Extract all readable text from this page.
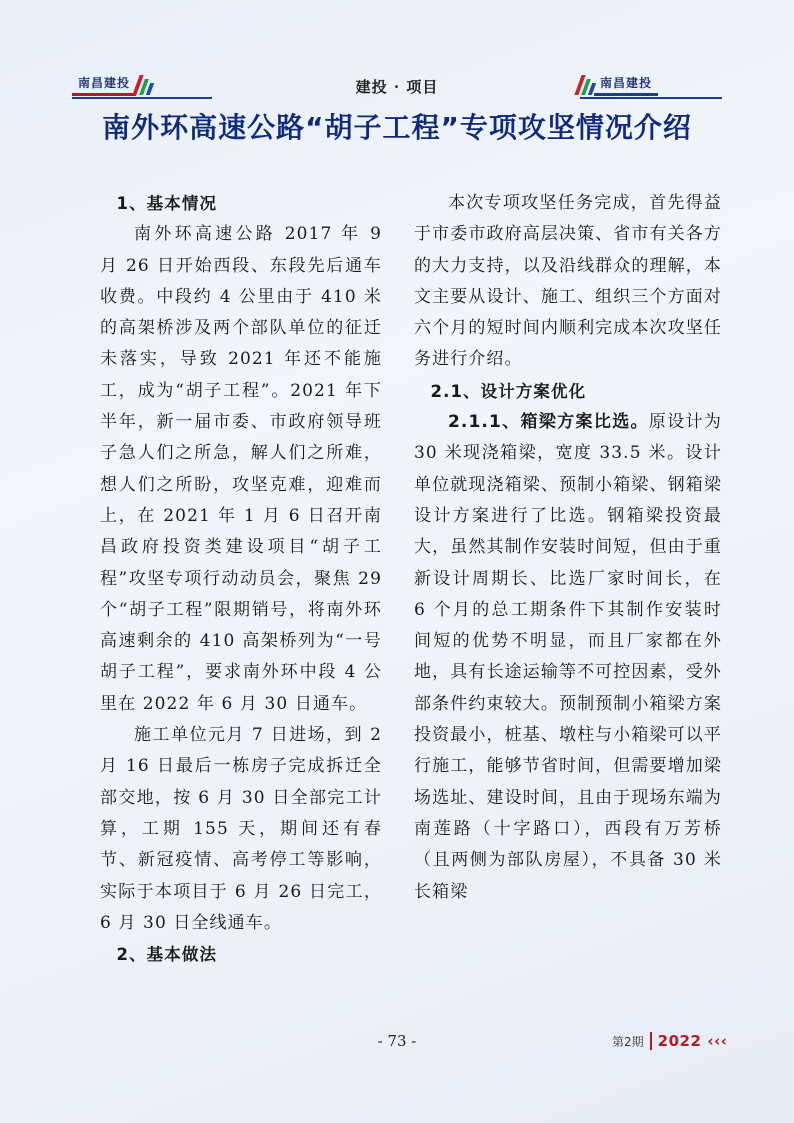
南昌建投	建投 · 项目	南昌建投
南外环高速公路“胡子工程”专项攻坚情况介绍

1、基本情况

南外环高速公路 2017 年 9 月 26 日开始西段、东段先后通车收费。中段约 4 公里由于 410 米的高架桥涉及两个部队单位的征迁未落实，导致 2021 年还不能施工，成为“胡子工程”。2021 年下半年，新一届市委、市政府领导班子急人们之所急，解人们之所难，想人们之所盼，攻坚克难，迎难而上，在 2021 年 1 月 6 日召开南昌政府投资类建设项目“胡子工程”攻坚专项行动动员会，聚焦 29 个“胡子工程”限期销号，将南外环高速剩余的 410 高架桥列为“一号胡子工程”，要求南外环中段 4 公里在 2022 年 6 月 30 日通车。

施工单位元月 7 日进场，到 2 月 16 日最后一栋房子完成拆迁全部交地，按 6 月 30 日全部完工计算，工期 155 天，期间还有春节、新冠疫情、高考停工等影响，实际于本项目于 6 月 26 日完工，6 月 30 日全线通车。

2、基本做法

本次专项攻坚任务完成，首先得益于市委市政府高层决策、省市有关各方的大力支持，以及沿线群众的理解，本文主要从设计、施工、组织三个方面对六个月的短时间内顺利完成本次攻坚任务进行介绍。

2.1、设计方案优化

2.1.1、箱梁方案比选。原设计为 30 米现浇箱梁，宽度 33.5 米。设计单位就现浇箱梁、预制小箱梁、钢箱梁设计方案进行了比选。钢箱梁投资最大，虽然其制作安装时间短，但由于重新设计周期长、比选厂家时间长，在 6 个月的总工期条件下其制作安装时间短的优势不明显，而且厂家都在外地，具有长途运输等不可控因素，受外部条件约束较大。预制预制小箱梁方案投资最小，桩基、墩柱与小箱梁可以平行施工，能够节省时间，但需要增加梁场选址、建设时间，且由于现场东端为南莲路（十字路口），西段有万芳桥（且两侧为部队房屋），不具备 30 米长箱梁

- 73 -	第2期 2022 ‹‹‹
